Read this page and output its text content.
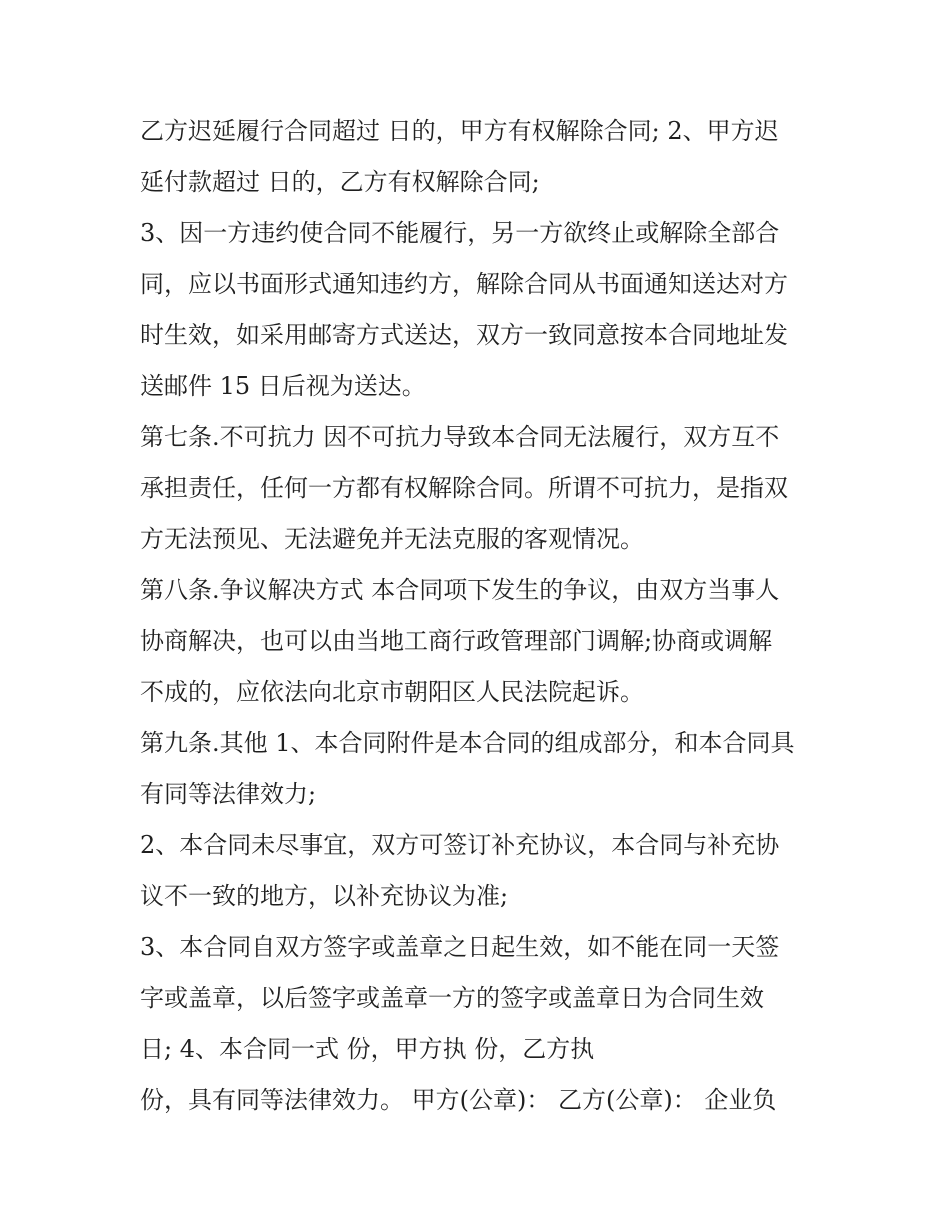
乙方迟延履行合同超过 日的，甲方有权解除合同; 2、甲方迟
延付款超过 日的，乙方有权解除合同;
3、因一方违约使合同不能履行，另一方欲终止或解除全部合
同，应以书面形式通知违约方，解除合同从书面通知送达对方
时生效，如采用邮寄方式送达，双方一致同意按本合同地址发
送邮件 15 日后视为送达。
第七条.不可抗力 因不可抗力导致本合同无法履行，双方互不
承担责任，任何一方都有权解除合同。所谓不可抗力，是指双
方无法预见、无法避免并无法克服的客观情况。
第八条.争议解决方式 本合同项下发生的争议，由双方当事人
协商解决，也可以由当地工商行政管理部门调解;协商或调解
不成的，应依法向北京市朝阳区人民法院起诉。
第九条.其他 1、本合同附件是本合同的组成部分，和本合同具
有同等法律效力;
2、本合同未尽事宜，双方可签订补充协议，本合同与补充协
议不一致的地方，以补充协议为准;
3、本合同自双方签字或盖章之日起生效，如不能在同一天签
字或盖章，以后签字或盖章一方的签字或盖章日为合同生效
日; 4、本合同一式 份，甲方执 份，乙方执
份，具有同等法律效力。 甲方(公章)： 乙方(公章)： 企业负
